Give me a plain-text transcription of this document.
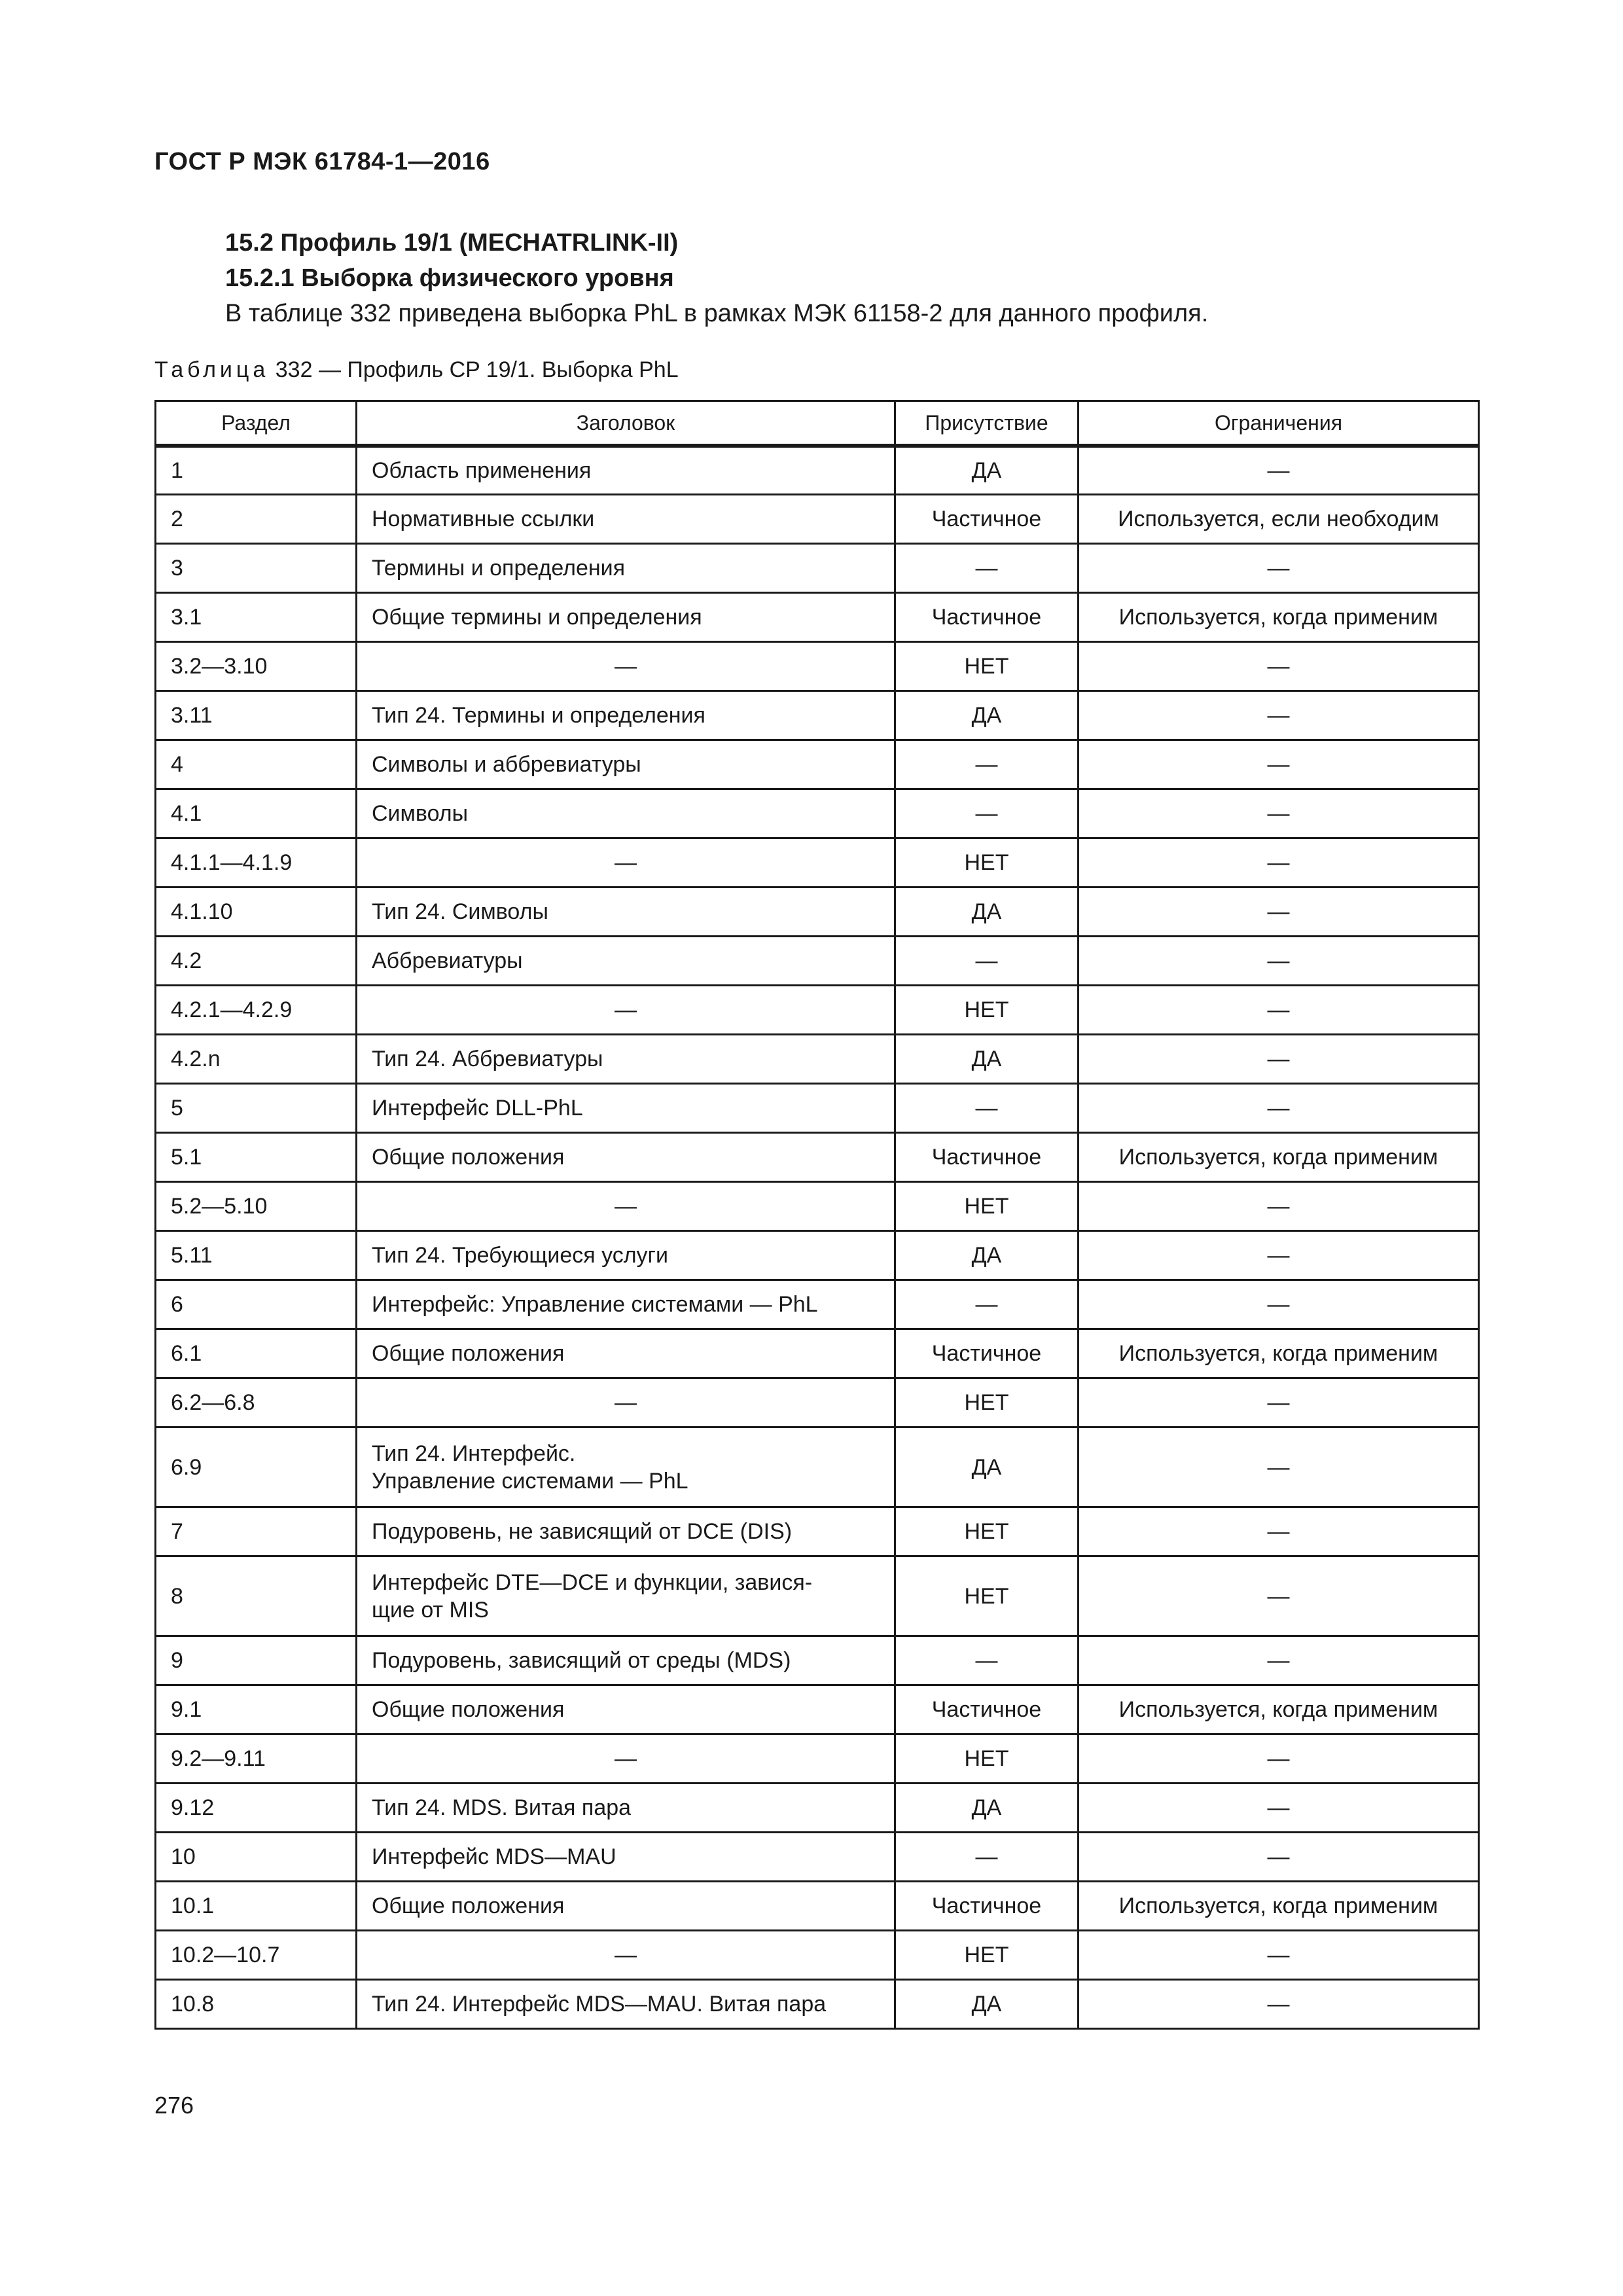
ГОСТ Р МЭК 61784-1—2016

15.2 Профиль 19/1 (MECHATRLINK-II)

15.2.1 Выборка физического уровня

В таблице 332 приведена выборка PhL в рамках МЭК 61158-2 для данного профиля.

Таблица 332 — Профиль CP 19/1. Выборка PhL
Раздел	Заголовок	Присутствие	Ограничения
1	Область применения	ДА	—
2	Нормативные ссылки	Частичное	Используется, если необходим
3	Термины и определения	—	—
3.1	Общие термины и определения	Частичное	Используется, когда применим
3.2—3.10	—	НЕТ	—
3.11	Тип 24. Термины и определения	ДА	—
4	Символы и аббревиатуры	—	—
4.1	Символы	—	—
4.1.1—4.1.9	—	НЕТ	—
4.1.10	Тип 24. Символы	ДА	—
4.2	Аббревиатуры	—	—
4.2.1—4.2.9	—	НЕТ	—
4.2.n	Тип 24. Аббревиатуры	ДА	—
5	Интерфейс DLL-PhL	—	—
5.1	Общие положения	Частичное	Используется, когда применим
5.2—5.10	—	НЕТ	—
5.11	Тип 24. Требующиеся услуги	ДА	—
6	Интерфейс: Управление системами — PhL	—	—
6.1	Общие положения	Частичное	Используется, когда применим
6.2—6.8	—	НЕТ	—
6.9	Тип 24. Интерфейс.
Управление системами — PhL	ДА	—
7	Подуровень, не зависящий от DCE (DIS)	НЕТ	—
8	Интерфейс DTE—DCE и функции, завися-
щие от MIS	НЕТ	—
9	Подуровень, зависящий от среды (MDS)	—	—
9.1	Общие положения	Частичное	Используется, когда применим
9.2—9.11	—	НЕТ	—
9.12	Тип 24. MDS. Витая пара	ДА	—
10	Интерфейс MDS—MAU	—	—
10.1	Общие положения	Частичное	Используется, когда применим
10.2—10.7	—	НЕТ	—
10.8	Тип 24. Интерфейс MDS—MAU. Витая пара	ДА	—
276
